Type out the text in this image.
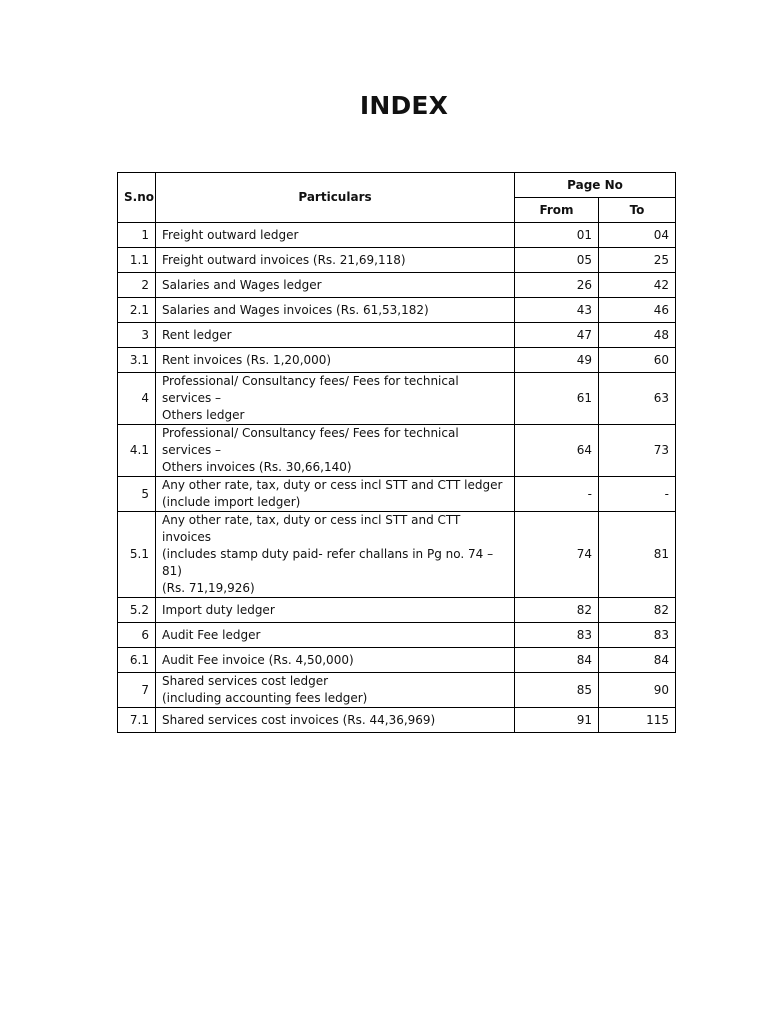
INDEX
S.no	Particulars	Page No	
		From	To
1	Freight outward ledger	01	04
1.1	Freight outward invoices (Rs. 21,69,118)	05	25
2	Salaries and Wages ledger	26	42
2.1	Salaries and Wages invoices (Rs. 61,53,182)	43	46
3	Rent ledger	47	48
3.1	Rent invoices (Rs. 1,20,000)	49	60
4	Professional/ Consultancy fees/ Fees for technical services –
Others ledger	61	63
4.1	Professional/ Consultancy fees/ Fees for technical services –
Others invoices (Rs. 30,66,140)	64	73
5	Any other rate, tax, duty or cess incl STT and CTT ledger
(include import ledger)	-	-
5.1	Any other rate, tax, duty or cess incl STT and CTT invoices
(includes stamp duty paid- refer challans in Pg no. 74 – 81)
(Rs. 71,19,926)	74	81
5.2	Import duty ledger	82	82
6	Audit Fee ledger	83	83
6.1	Audit Fee invoice (Rs. 4,50,000)	84	84
7	Shared services cost ledger
(including accounting fees ledger)	85	90
7.1	Shared services cost invoices (Rs. 44,36,969)	91	115
